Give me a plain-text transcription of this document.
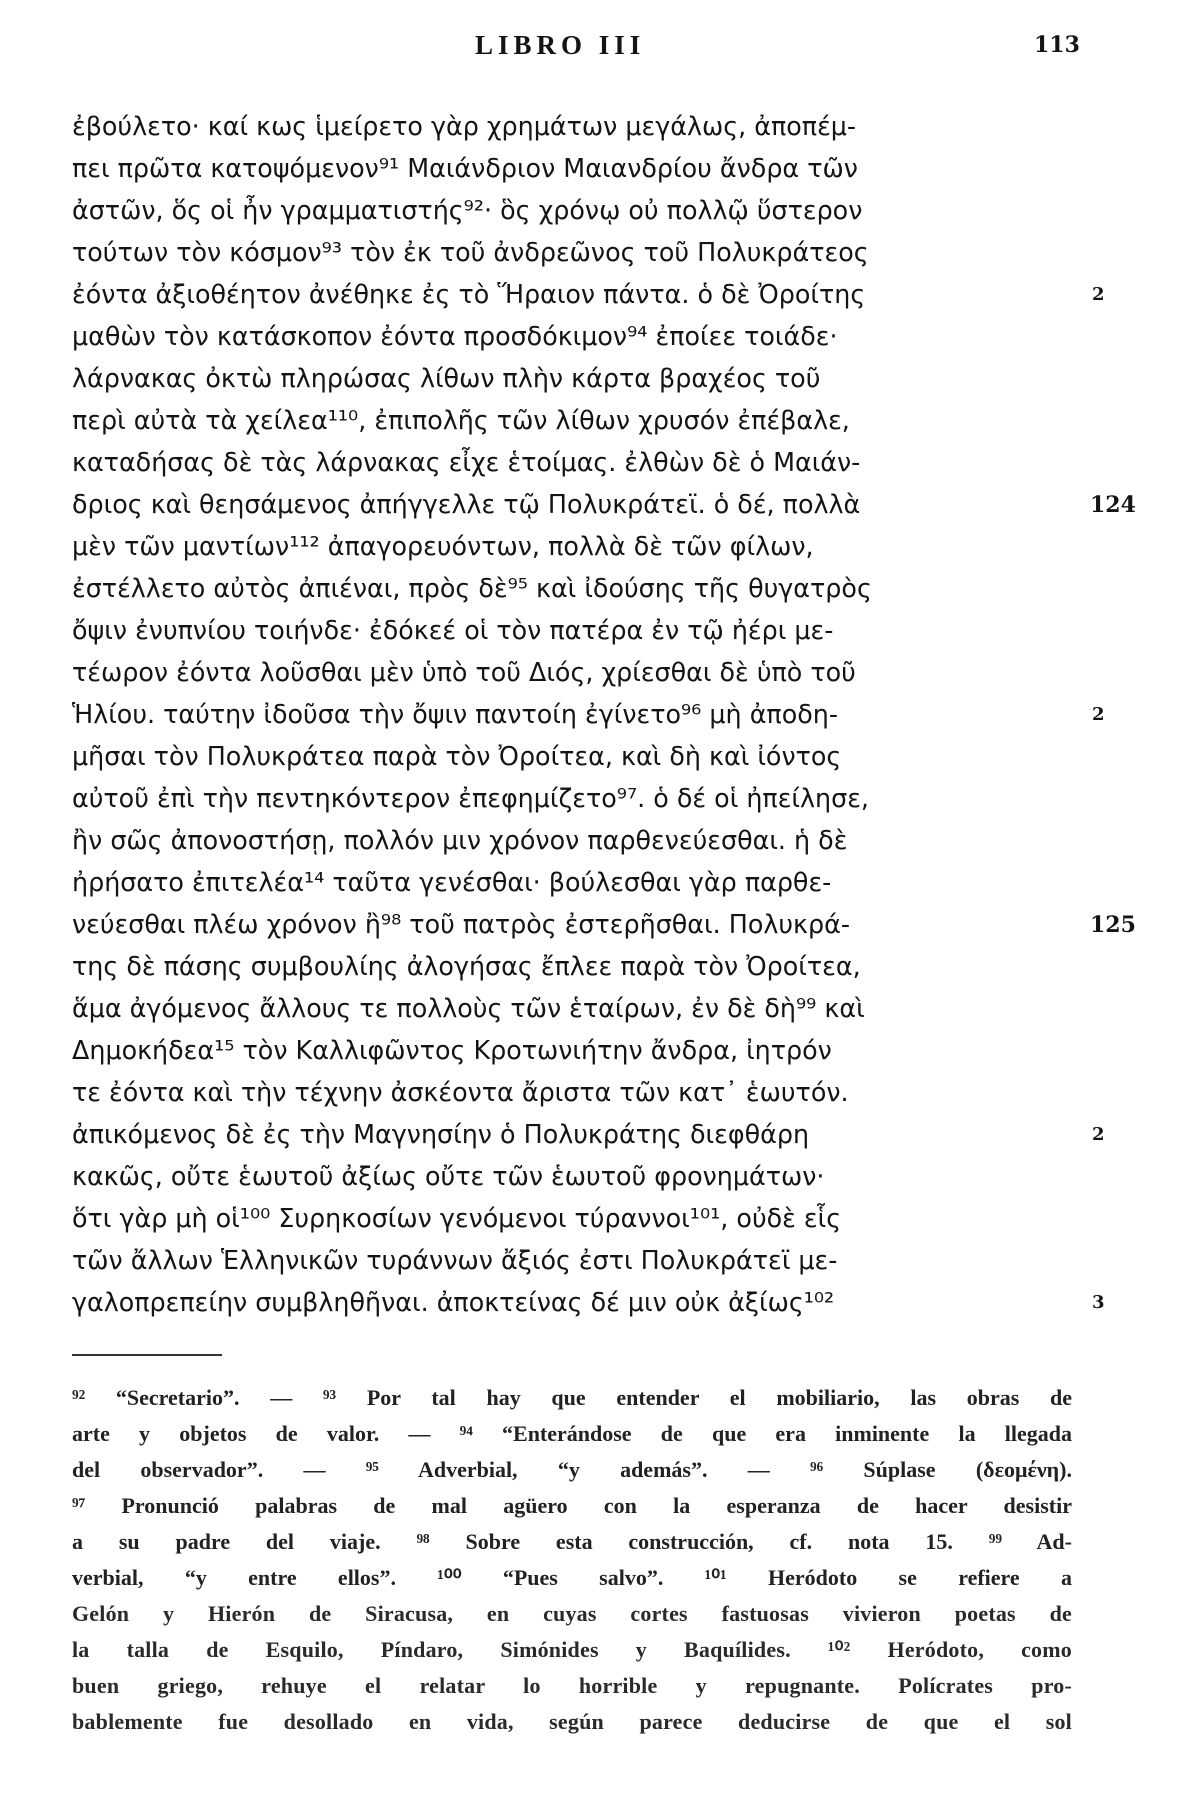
LIBRO III	113
ἐβούλετο· καί κως ἱμείρετο γὰρ χρημάτων μεγάλως, ἀποπέμ-
πει πρῶτα κατοψόμενον⁹¹ Μαιάνδριον Μαιανδρίου ἄνδρα τῶν
ἀστῶν, ὅς οἱ ἦν γραμματιστής⁹²· ὃς χρόνῳ οὐ πολλῷ ὕστερον
τούτων τὸν κόσμον⁹³ τὸν ἐκ τοῦ ἀνδρεῶνος τοῦ Πολυκράτεος
ἐόντα ἀξιοθέητον ἀνέθηκε ἐς τὸ Ἥραιον πάντα. ὁ δὲ Ὀροίτης	2
μαθὼν τὸν κατάσκοπον ἐόντα προσδόκιμον⁹⁴ ἐποίεε τοιάδε·
λάρνακας ὀκτὼ πληρώσας λίθων πλὴν κάρτα βραχέος τοῦ
περὶ αὐτὰ τὰ χείλεα¹¹⁰, ἐπιπολῆς τῶν λίθων χρυσόν ἐπέβαλε,
καταδήσας δὲ τὰς λάρνακας εἶχε ἑτοίμας. ἐλθὼν δὲ ὁ Μαιάν-
δριος καὶ θεησάμενος ἀπήγγελλε τῷ Πολυκράτεϊ. ὁ δέ, πολλὰ	124
μὲν τῶν μαντίων¹¹² ἀπαγορευόντων, πολλὰ δὲ τῶν φίλων,
ἐστέλλετο αὐτὸς ἀπιέναι, πρὸς δὲ⁹⁵ καὶ ἰδούσης τῆς θυγατρὸς
ὄψιν ἐνυπνίου τοιήνδε· ἐδόκεέ οἱ τὸν πατέρα ἐν τῷ ἠέρι με-
τέωρον ἐόντα λοῦσθαι μὲν ὑπὸ τοῦ Διός, χρίεσθαι δὲ ὑπὸ τοῦ
Ἡλίου. ταύτην ἰδοῦσα τὴν ὄψιν παντοίη ἐγίνετο⁹⁶ μὴ ἀποδη-	2
μῆσαι τὸν Πολυκράτεα παρὰ τὸν Ὀροίτεα, καὶ δὴ καὶ ἰόντος
αὐτοῦ ἐπὶ τὴν πεντηκόντερον ἐπεφημίζετο⁹⁷. ὁ δέ οἱ ἠπείλησε,
ἢν σῶς ἀπονοστήσῃ, πολλόν μιν χρόνον παρθενεύεσθαι. ἡ δὲ
ἠρήσατο ἐπιτελέα¹⁴ ταῦτα γενέσθαι· βούλεσθαι γὰρ παρθε-
νεύεσθαι πλέω χρόνον ἢ⁹⁸ τοῦ πατρὸς ἐστερῆσθαι. Πολυκρά-	125
της δὲ πάσης συμβουλίης ἀλογήσας ἔπλεε παρὰ τὸν Ὀροίτεα,
ἅμα ἀγόμενος ἄλλους τε πολλοὺς τῶν ἑταίρων, ἐν δὲ δὴ⁹⁹ καὶ
Δημοκήδεα¹⁵ τὸν Καλλιφῶντος Κροτωνιήτην ἄνδρα, ἰητρόν
τε ἐόντα καὶ τὴν τέχνην ἀσκέοντα ἄριστα τῶν κατ᾽ ἑωυτόν.
ἀπικόμενος δὲ ἐς τὴν Μαγνησίην ὁ Πολυκράτης διεφθάρη	2
κακῶς, οὔτε ἑωυτοῦ ἀξίως οὔτε τῶν ἑωυτοῦ φρονημάτων·
ὅτι γὰρ μὴ οἱ¹⁰⁰ Συρηκοσίων γενόμενοι τύραννοι¹⁰¹, οὐδὲ εἷς
τῶν ἄλλων Ἑλληνικῶν τυράννων ἄξιός ἐστι Πολυκράτεϊ με-
γαλοπρεπείην συμβληθῆναι. ἀποκτείνας δέ μιν οὐκ ἀξίως¹⁰²	3
⁹² “Secretario”. — ⁹³ Por tal hay que entender el mobiliario, las obras de
arte y objetos de valor. — ⁹⁴ “Enterándose de que era inminente la llegada
del observador”. — ⁹⁵ Adverbial, “y además”. — ⁹⁶ Súplase (δεομένη).
⁹⁷ Pronunció palabras de mal agüero con la esperanza de hacer desistir
a su padre del viaje. ⁹⁸ Sobre esta construcción, cf. nota 15. ⁹⁹ Ad-
verbial, “y entre ellos”. ¹⁰⁰ “Pues salvo”. ¹⁰¹ Heródoto se refiere a
Gelón y Hierón de Siracusa, en cuyas cortes fastuosas vivieron poetas de
la talla de Esquilo, Píndaro, Simónides y Baquílides. ¹⁰² Heródoto, como
buen griego, rehuye el relatar lo horrible y repugnante. Polícrates pro-
bablemente fue desollado en vida, según parece deducirse de que el sol
